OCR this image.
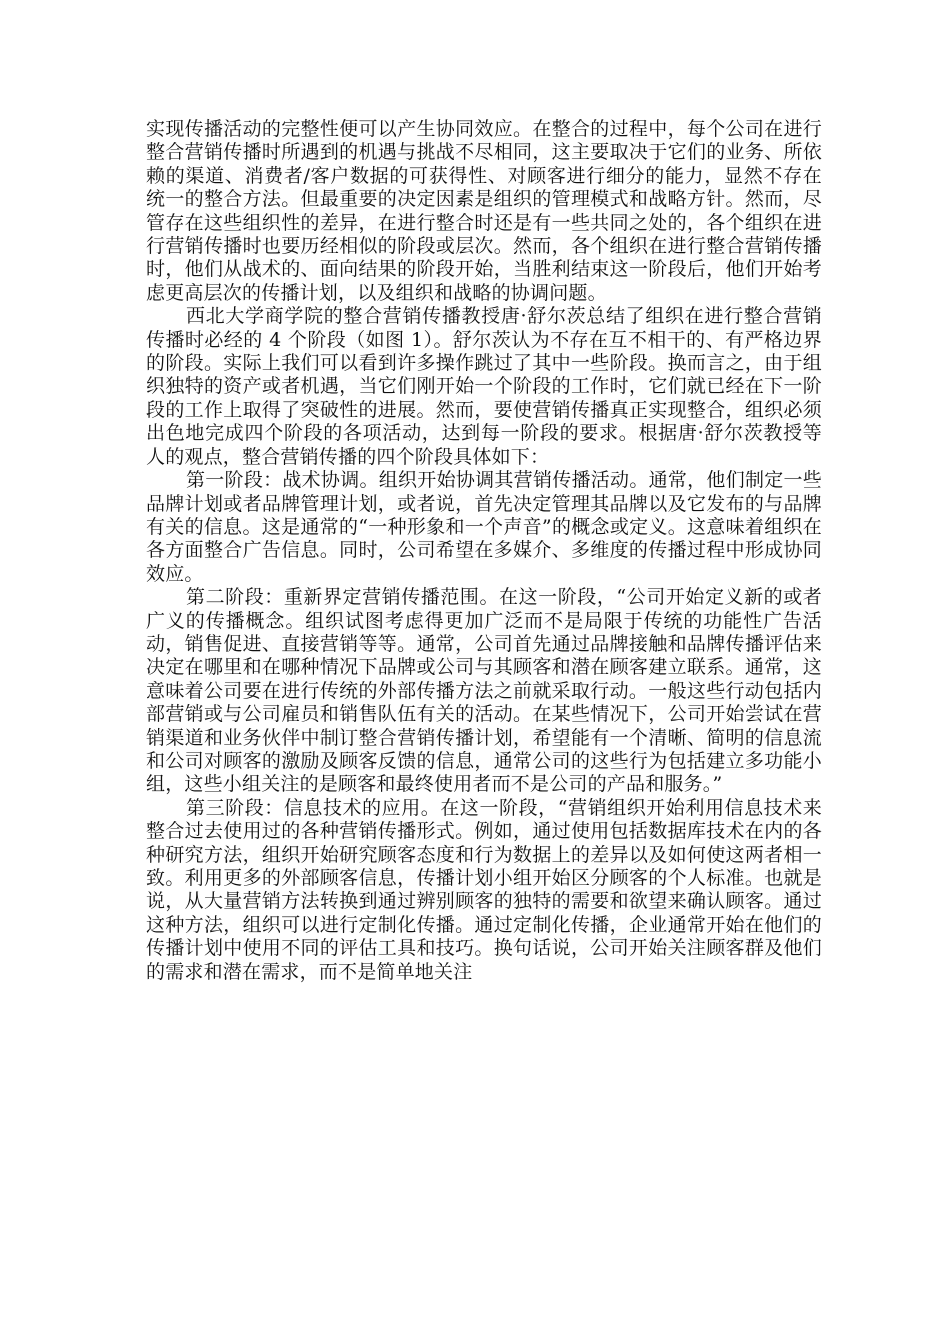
实现传播活动的完整性便可以产生协同效应。在整合的过程中，每个公司在进行整合营销传播时所遇到的机遇与挑战不尽相同，这主要取决于它们的业务、所依赖的渠道、消费者/客户数据的可获得性、对顾客进行细分的能力，显然不存在统一的整合方法。但最重要的决定因素是组织的管理模式和战略方针。然而，尽管存在这些组织性的差异，在进行整合时还是有一些共同之处的，各个组织在进行营销传播时也要历经相似的阶段或层次。然而，各个组织在进行整合营销传播时，他们从战术的、面向结果的阶段开始，当胜利结束这一阶段后，他们开始考虑更高层次的传播计划，以及组织和战略的协调问题。

西北大学商学院的整合营销传播教授唐·舒尔茨总结了组织在进行整合营销传播时必经的 4 个阶段（如图 1）。舒尔茨认为不存在互不相干的、有严格边界的阶段。实际上我们可以看到许多操作跳过了其中一些阶段。换而言之，由于组织独特的资产或者机遇，当它们刚开始一个阶段的工作时，它们就已经在下一阶段的工作上取得了突破性的进展。然而，要使营销传播真正实现整合，组织必须出色地完成四个阶段的各项活动，达到每一阶段的要求。根据唐·舒尔茨教授等人的观点，整合营销传播的四个阶段具体如下：

第一阶段：战术协调。组织开始协调其营销传播活动。通常，他们制定一些品牌计划或者品牌管理计划，或者说，首先决定管理其品牌以及它发布的与品牌有关的信息。这是通常的“一种形象和一个声音”的概念或定义。这意味着组织在各方面整合广告信息。同时，公司希望在多媒介、多维度的传播过程中形成协同效应。

第二阶段：重新界定营销传播范围。在这一阶段，“公司开始定义新的或者广义的传播概念。组织试图考虑得更加广泛而不是局限于传统的功能性广告活动，销售促进、直接营销等等。通常，公司首先通过品牌接触和品牌传播评估来决定在哪里和在哪种情况下品牌或公司与其顾客和潜在顾客建立联系。通常，这意味着公司要在进行传统的外部传播方法之前就采取行动。一般这些行动包括内部营销或与公司雇员和销售队伍有关的活动。在某些情况下，公司开始尝试在营销渠道和业务伙伴中制订整合营销传播计划，希望能有一个清晰、简明的信息流和公司对顾客的激励及顾客反馈的信息，通常公司的这些行为包括建立多功能小组，这些小组关注的是顾客和最终使用者而不是公司的产品和服务。”

第三阶段：信息技术的应用。在这一阶段，“营销组织开始利用信息技术来整合过去使用过的各种营销传播形式。例如，通过使用包括数据库技术在内的各种研究方法，组织开始研究顾客态度和行为数据上的差异以及如何使这两者相一致。利用更多的外部顾客信息，传播计划小组开始区分顾客的个人标准。也就是说，从大量营销方法转换到通过辨别顾客的独特的需要和欲望来确认顾客。通过这种方法，组织可以进行定制化传播。通过定制化传播，企业通常开始在他们的传播计划中使用不同的评估工具和技巧。换句话说，公司开始关注顾客群及他们的需求和潜在需求，而不是简单地关注
